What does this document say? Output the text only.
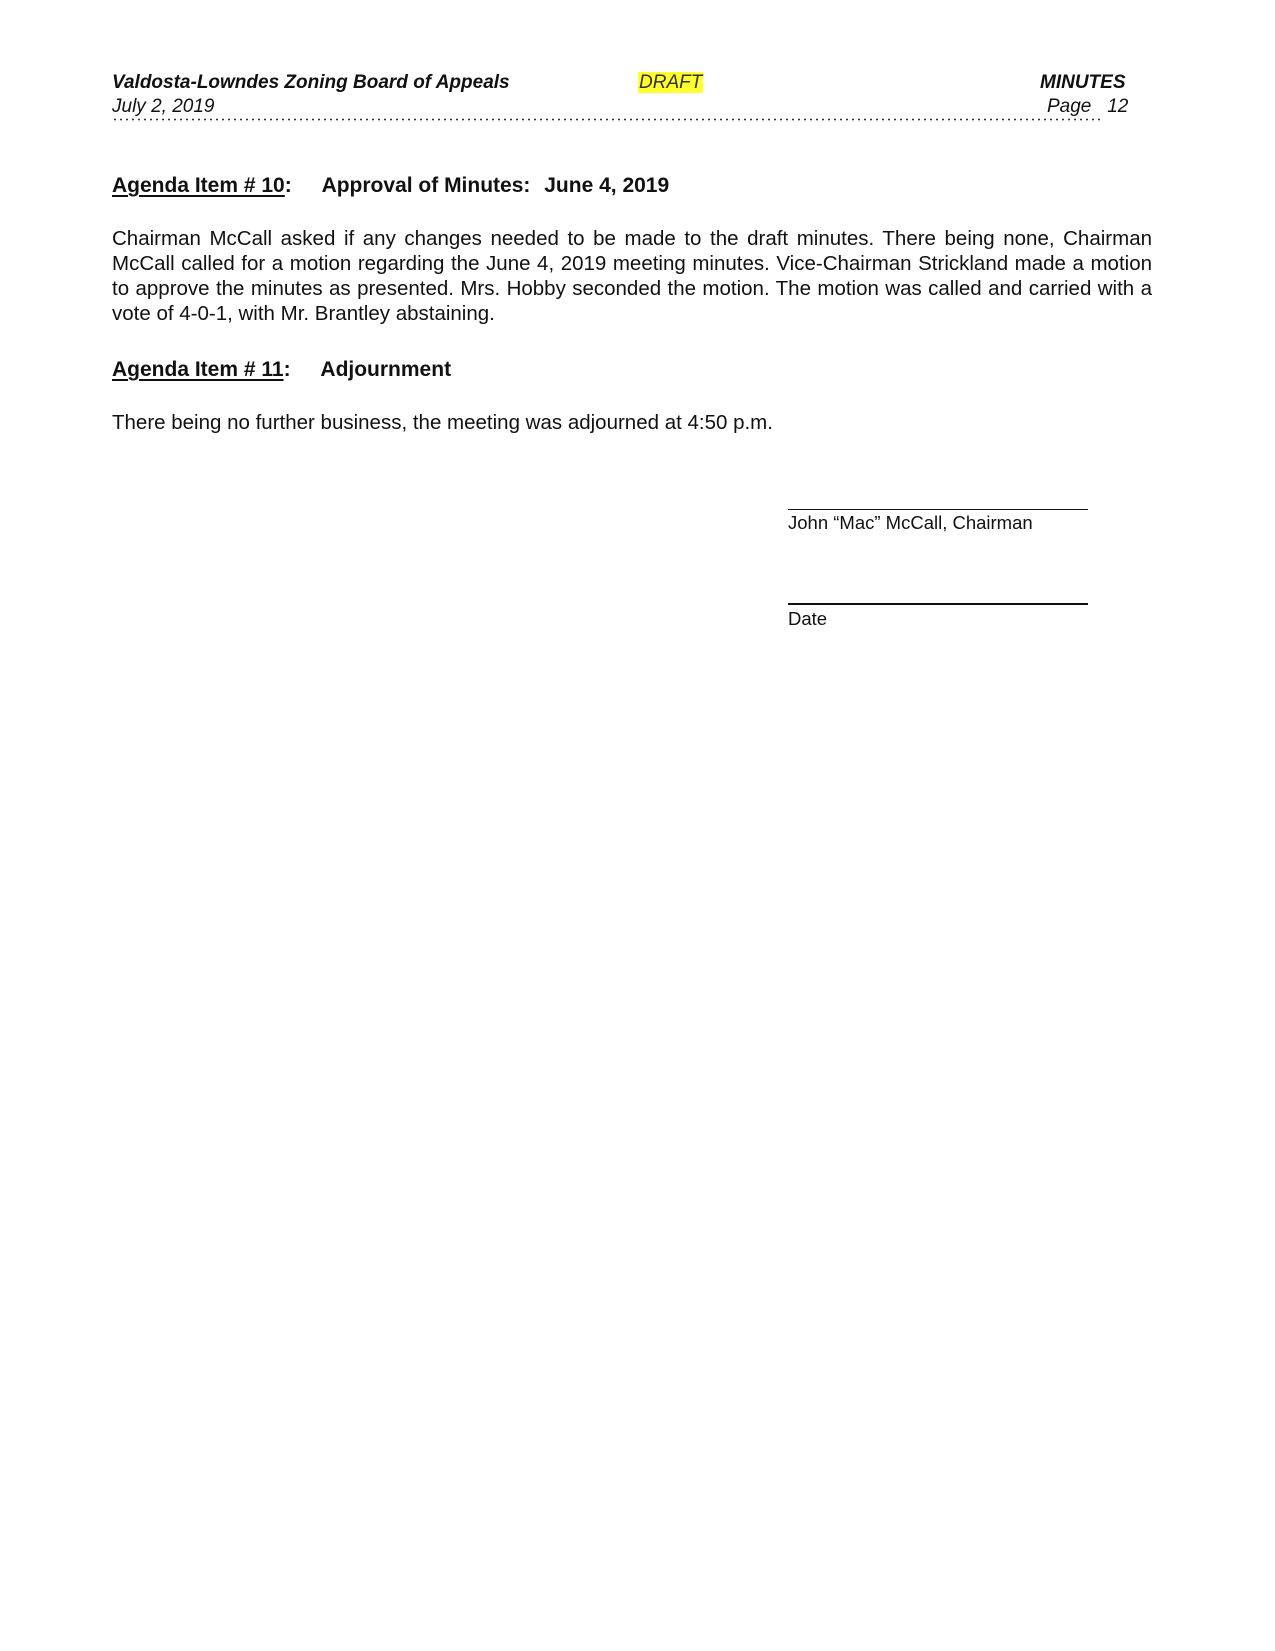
Valdosta-Lowndes Zoning Board of Appeals	DRAFT	MINUTES
July 2, 2019	Page 12
Agenda Item # 10: Approval of Minutes: June 4, 2019
Chairman McCall asked if any changes needed to be made to the draft minutes. There being none, Chairman McCall called for a motion regarding the June 4, 2019 meeting minutes. Vice-Chairman Strickland made a motion to approve the minutes as presented. Mrs. Hobby seconded the motion. The motion was called and carried with a vote of 4-0-1, with Mr. Brantley abstaining.
Agenda Item # 11: Adjournment
There being no further business, the meeting was adjourned at 4:50 p.m.
John “Mac” McCall, Chairman
Date
